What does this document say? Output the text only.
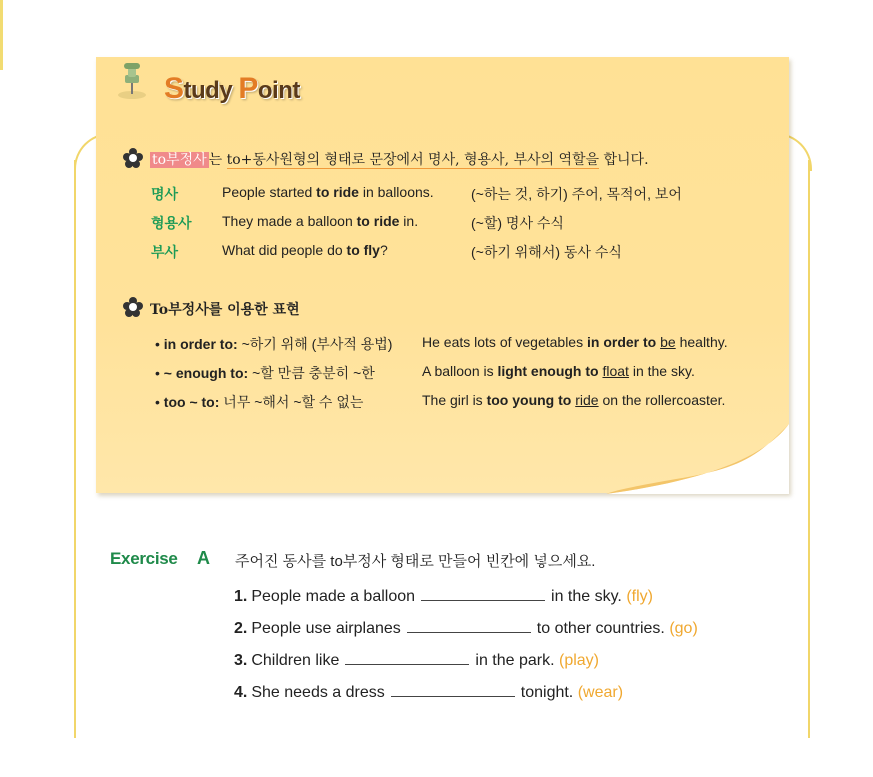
Study Point
to부정사 는 to+동사원형의 형태로 문장에서 명사, 형용사, 부사의 역할을 합니다.
명사	People started to ride in balloons.	(~하는 것, 하기) 주어, 목적어, 보어
형용사 They made a balloon to ride in.	(~할) 명사 수식
부사	What did people do to fly?	(~하기 위해서) 동사 수식
To부정사를 이용한 표현
• in order to: ~하기 위해 (부사적 용법) He eats lots of vegetables in order to be healthy.
• ~ enough to: ~할 만큼 충분히 ~한	A balloon is light enough to float in the sky.
• too ~ to: 너무 ~해서 ~할 수 없는	The girl is too young to ride on the rollercoaster.
Exercise A 주어진 동사를 to부정사 형태로 만들어 빈칸에 넣으세요.
1. People made a balloon	in the sky. (fly)
2. People use airplanes	to other countries. (go)
3. Children like	in the park. (play)
4. She needs a dress	tonight. (wear)
